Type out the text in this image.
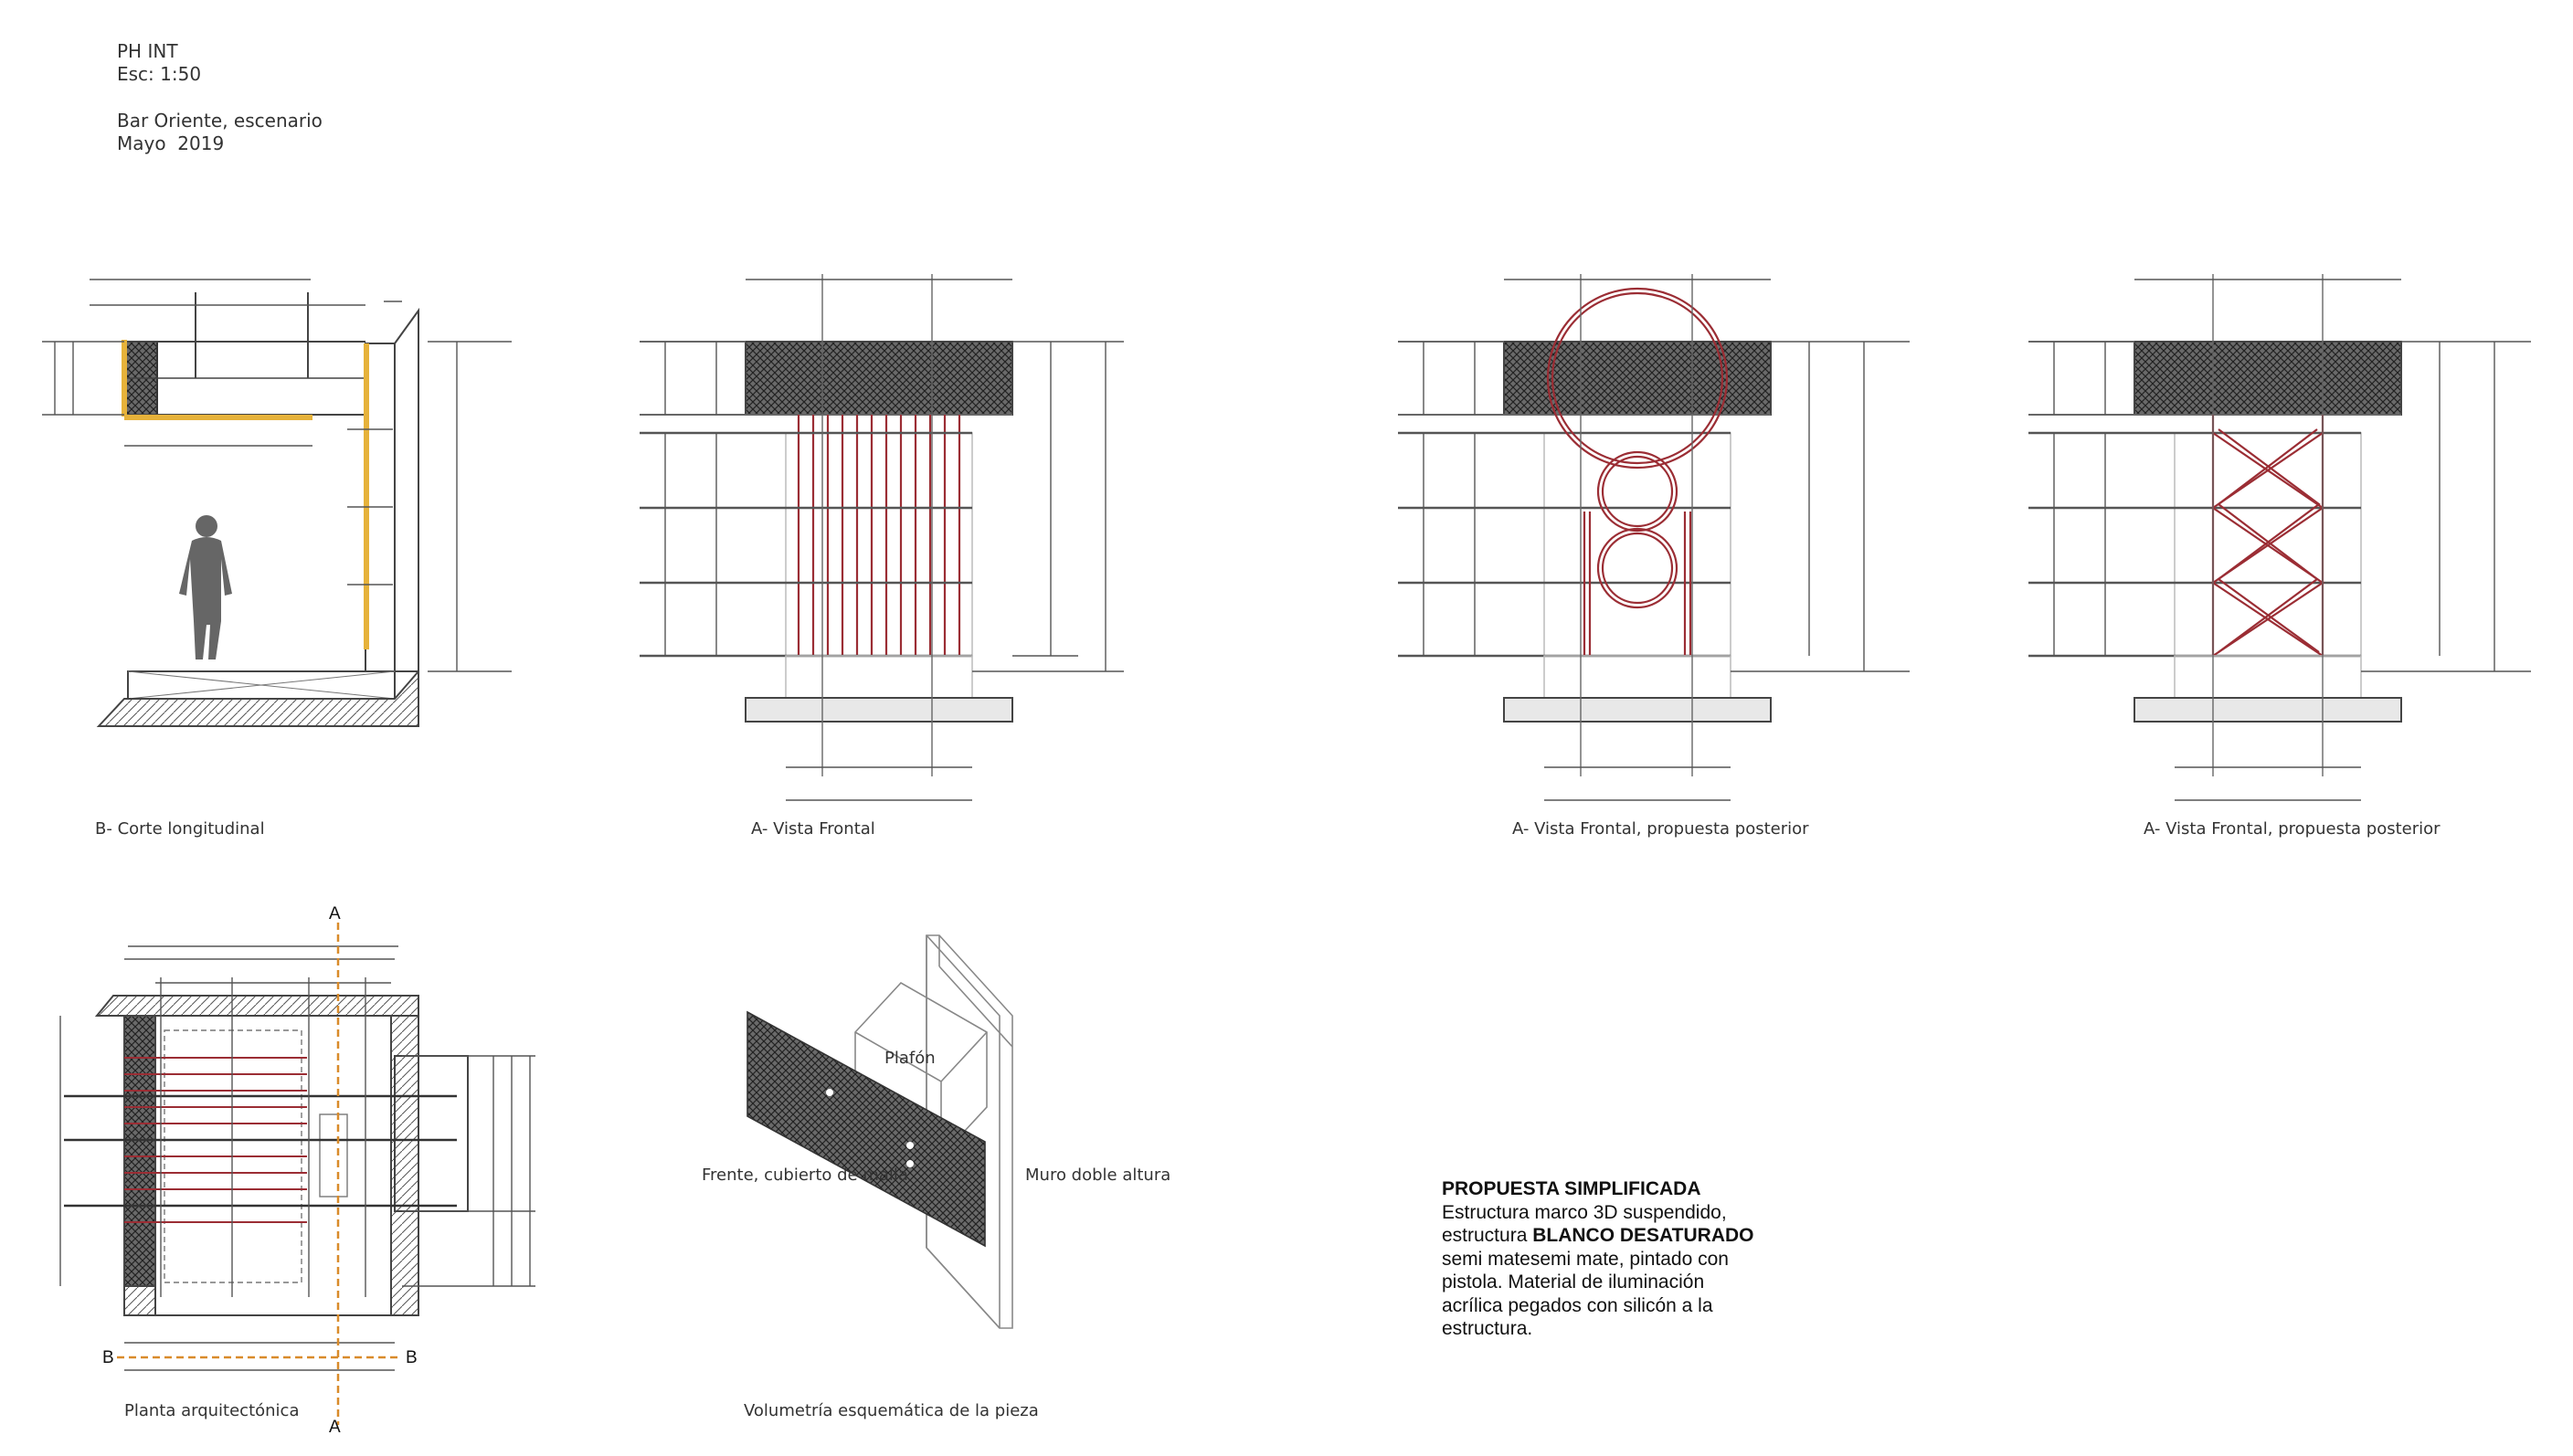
PH INT
Esc: 1:50
Bar Oriente, escenario
Mayo  2019
A
A
B	B
Plafón
Frente, cubierto de malla	Muro doble altura
B- Corte longitudinal	A- Vista Frontal	A- Vista Frontal, propuesta posterior	A- Vista Frontal, propuesta posterior
Planta arquitectónica	Volumetría esquemática de la pieza
PROPUESTA SIMPLIFICADA
Estructura marco 3D suspendido,
estructura BLANCO DESATURADO
semi matesemi mate, pintado con
pistola. Material de iluminación
acrílica pegados con silicón a la
estructura.
